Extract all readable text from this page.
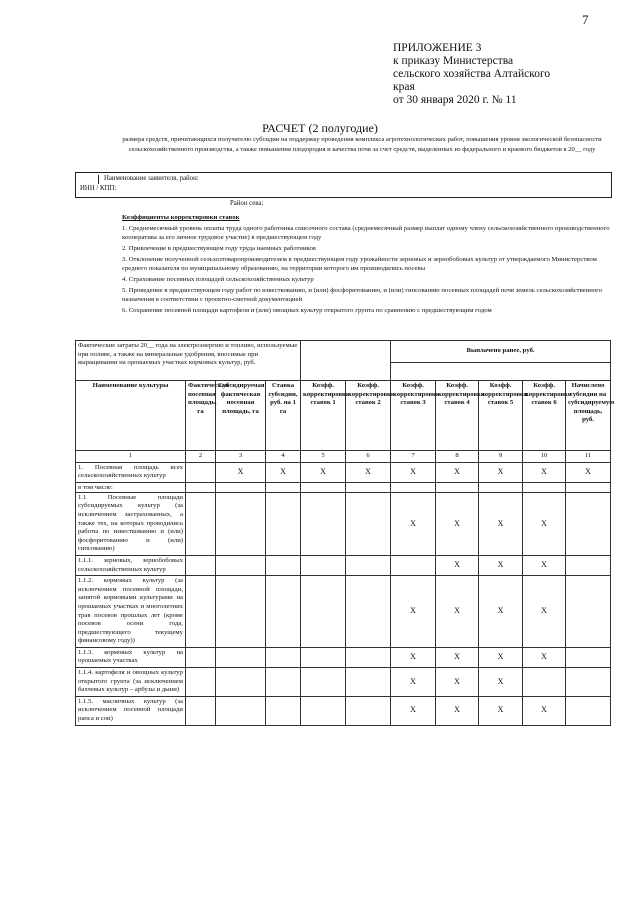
7
ПРИЛОЖЕНИЕ 3
к приказу Министерства
сельского хозяйства Алтайского
края
от 30 января 2020 г. № 11
РАСЧЕТ (2 полугодие)
размера средств, причитающихся получателю субсидии на поддержку проведения комплекса агротехнологических работ, повышения уровня экологической безопасности сельскохозяйственного производства, а также повышения плодородия и качества почв за счет средств, выделенных из федерального и краевого бюджетов в 20__ году
Наименование заявителя, район:
ИНН / КПП:
Район сева:

Коэффициенты корректировки ставок

1. Среднемесячный уровень оплаты труда одного работника списочного состава (среднемесячный размер выплат одному члену сельскохозяйственного производственного кооператива за его личное трудовое участие) в предшествующем году

2. Привлечение в предшествующем году труда наемных работников

3. Отклонение полученной сельхозтоваропроизводителем в предшествующем году урожайности зерновых и зернобобовых культур от утверждаемого Министерством среднего показателя по муниципальному образованию, на территории которого им производились посевы

4. Страхование посевных площадей сельскохозяйственных культур

5. Проведение в предшествующем году работ по известкованию, и (или) фосфоритованию, и (или) гипсованию посевных площадей почв земель сельскохозяйственного назначения в соответствии с проектно-сметной документацией

6. Сохранение посевной площади картофеля и (или) овощных культур открытого грунта по сравнению с предшествующим годом

Фактические затраты 20__ года на электроэнергию и топливо, используемые при поливе, а также на минеральные удобрения, вносимые при выращивании на орошаемых участках кормовых культур, руб.						Выплачено ранее, руб.				

Наименование культуры	Фактическая посевная площадь, га	Субсидируемая фактическая посевная площадь, га	Ставка субсидии, руб. на 1 га	Коэфф. корректировки ставок 1	Коэфф. корректировки ставок 2	Коэфф. корректировки ставок 3	Коэфф. корректировки ставок 4	Коэфф. корректировки ставок 5	Коэфф. корректировки ставок 6	Начислено субсидии на субсидируемую площадь, руб.
1	2	3	4	5	6	7	8	9	10	11
1. Посевная площадь всех сельскохозяйственных культур		Х	Х	Х	Х	Х	Х	Х	Х	Х
в том числе:										
1.1 Посевные площади субсидируемых культур (за исключением застрахованных, а также тех, на которых проводились работы по известкованию и (или) фосфоритованию и (или) гипсованию)						Х	Х	Х	Х	
1.1.1. зерновых, зернобобовых сельскохозяйственных культур							Х	Х	Х	
1.1.2. кормовых культур (за исключением посевной площади, занятой кормовыми культурами на орошаемых участках и многолетних трав посевов прошлых лет (кроме посевов осени года, предшествующего текущему финансовому году))						Х	Х	Х	Х	
1.1.3. кормовых культур на орошаемых участках						Х	Х	Х	Х	
1.1.4. картофеля и овощных культур открытого грунта (за исключением бахчевых культур – арбузы и дыни)						Х	Х	Х		
1.1.5. масличных культур (за исключением посевной площади рапса и сои)						Х	Х	Х	Х	
